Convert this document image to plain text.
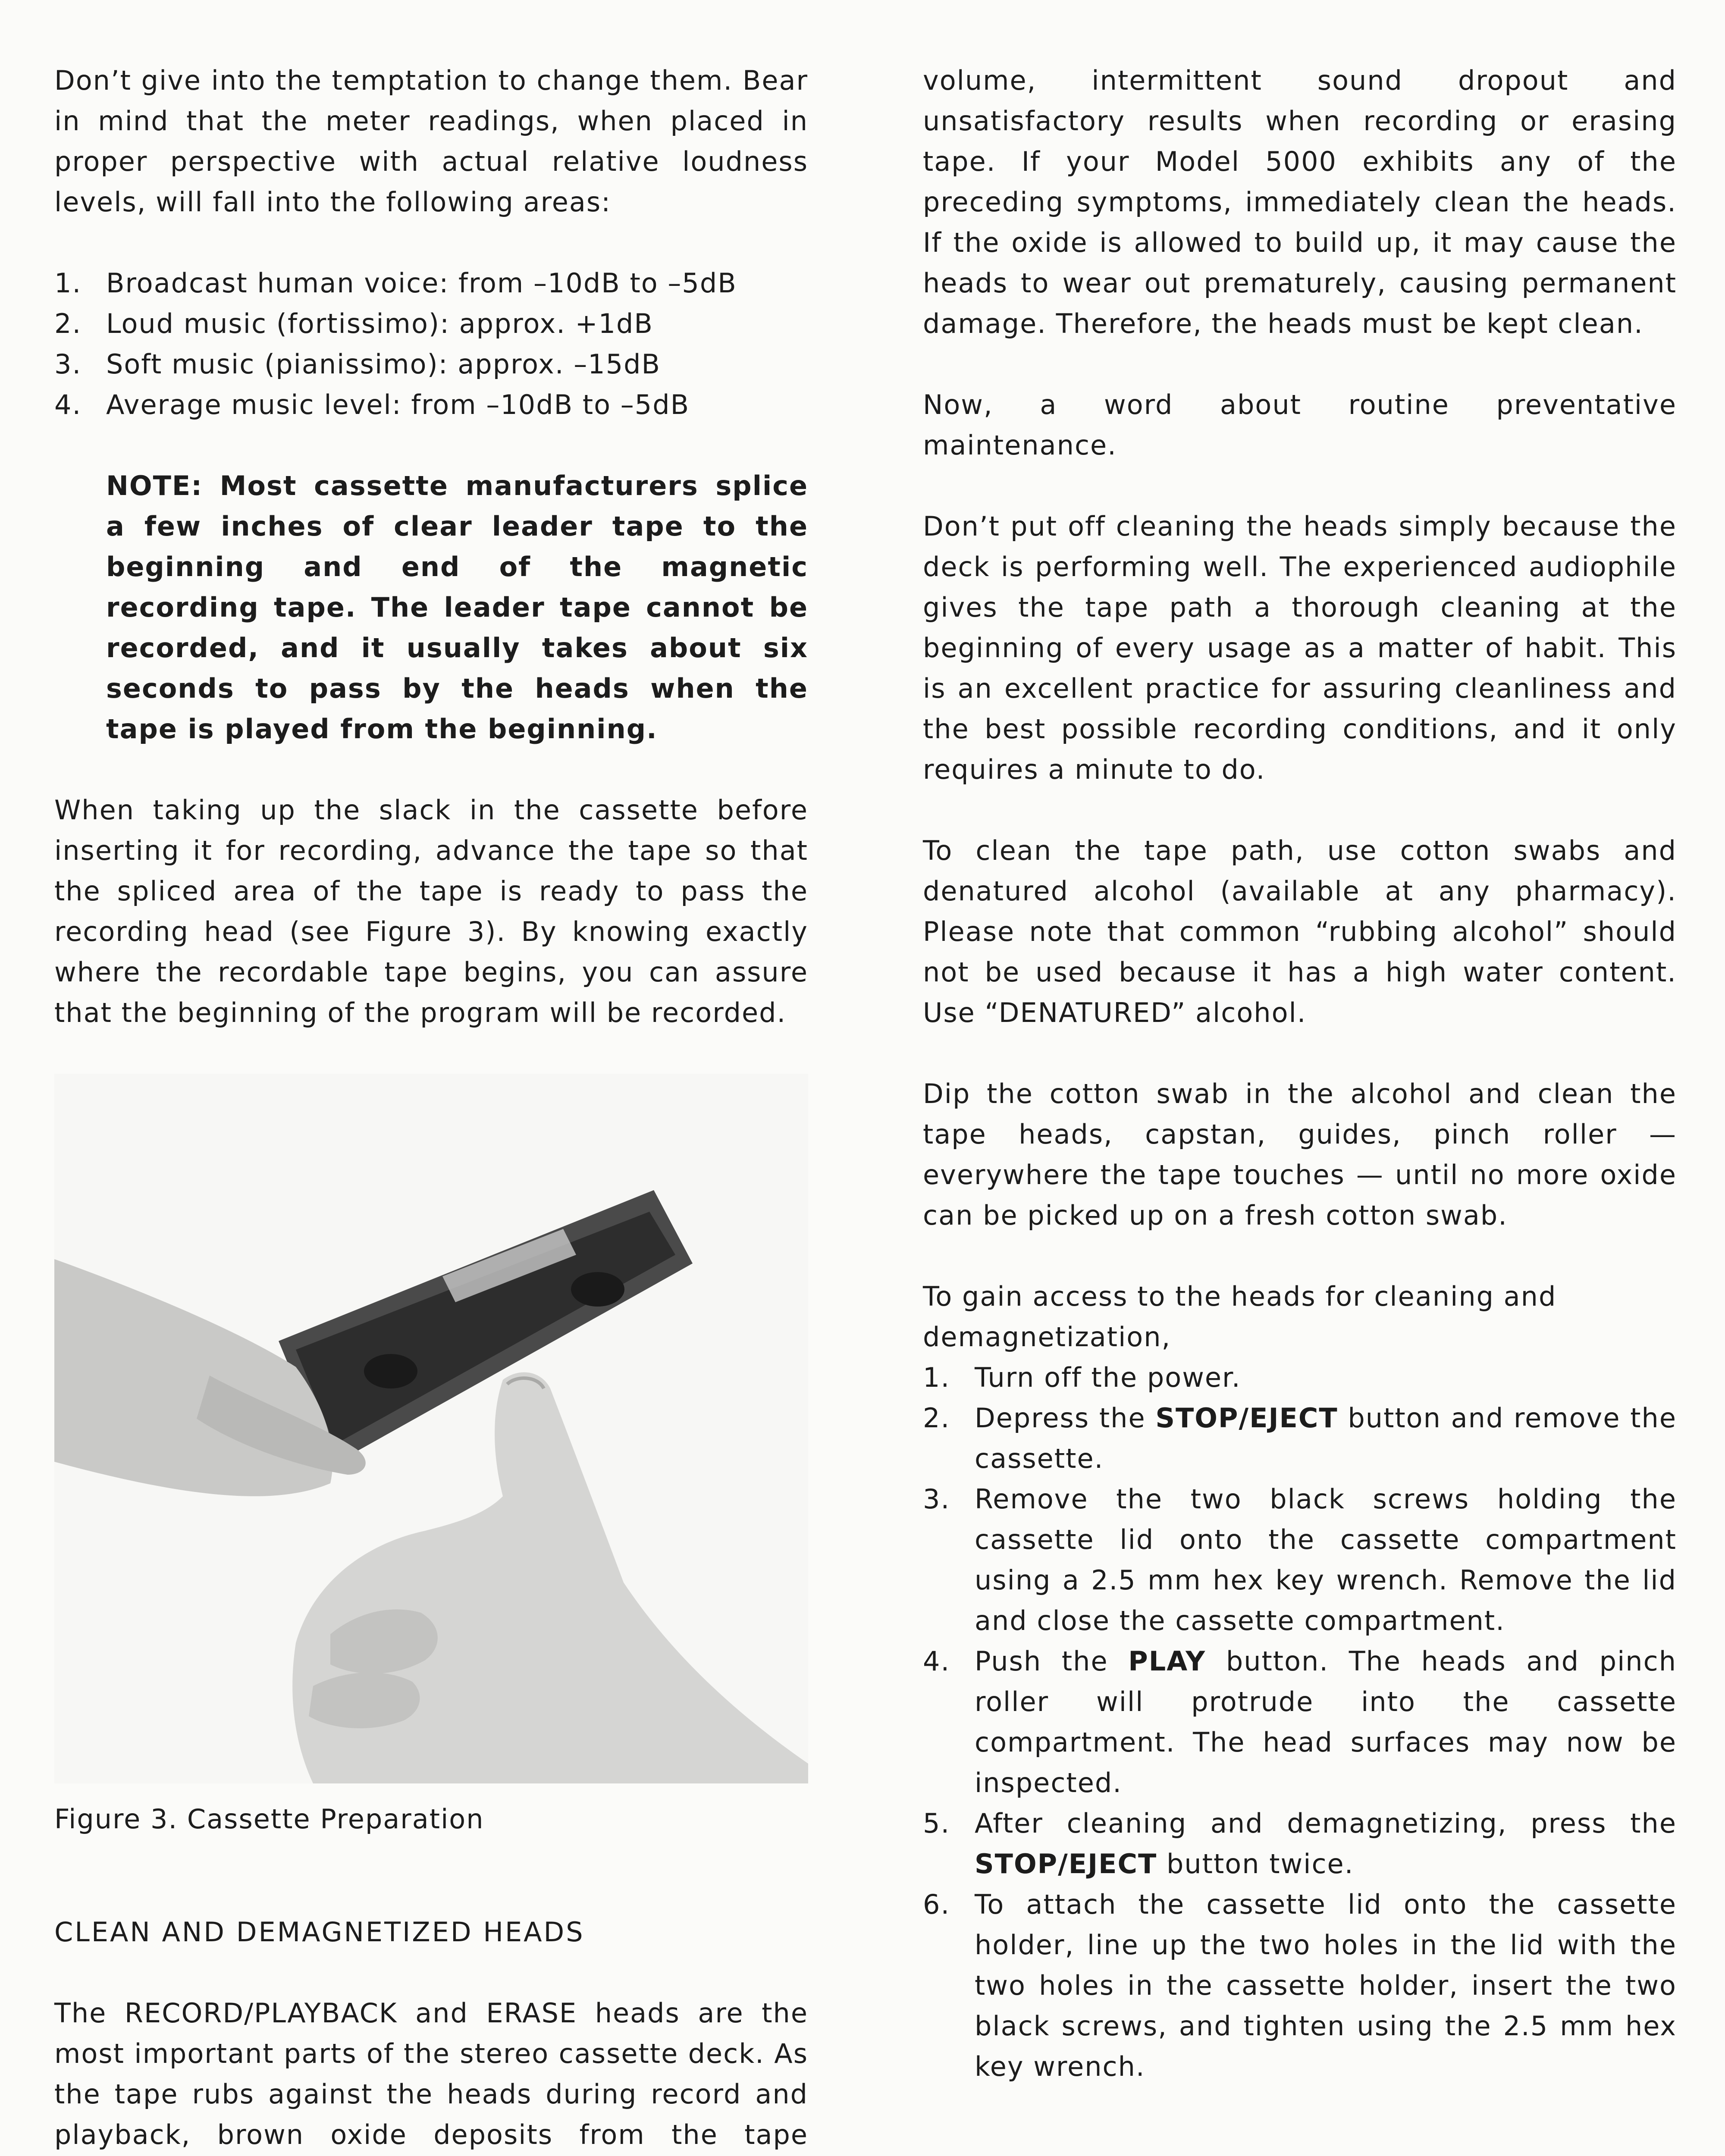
Don’t give into the temptation to change them. Bear in mind that the meter readings, when placed in proper perspective with actual relative loudness levels, will fall into the following areas:

1. Broadcast human voice: from –10dB to –5dB
2. Loud music (fortissimo): approx. +1dB
3. Soft music (pianissimo): approx. –15dB
4. Average music level: from –10dB to –5dB
NOTE: Most cassette manufacturers splice a few inches of clear leader tape to the beginning and end of the magnetic recording tape. The leader tape cannot be recorded, and it usually takes about six seconds to pass by the heads when the tape is played from the beginning.

When taking up the slack in the cassette before inserting it for recording, advance the tape so that the spliced area of the tape is ready to pass the recording head (see Figure 3). By knowing exactly where the recordable tape begins, you can assure that the beginning of the program will be recorded.

Figure 3. Cassette Preparation
CLEAN AND DEMAGNETIZED HEADS

The RECORD/PLAYBACK and ERASE heads are the most important parts of the stereo cassette deck. As the tape rubs against the heads during record and playback, brown oxide deposits from the tape

volume, intermittent sound dropout and unsatisfactory results when recording or erasing tape. If your Model 5000 exhibits any of the preceding symptoms, immediately clean the heads. If the oxide is allowed to build up, it may cause the heads to wear out prematurely, causing permanent damage. Therefore, the heads must be kept clean.

Now, a word about routine preventative maintenance.

Don’t put off cleaning the heads simply because the deck is performing well. The experienced audiophile gives the tape path a thorough cleaning at the beginning of every usage as a matter of habit. This is an excellent practice for assuring cleanliness and the best possible recording conditions, and it only requires a minute to do.

To clean the tape path, use cotton swabs and denatured alcohol (available at any pharmacy). Please note that common “rubbing alcohol” should not be used because it has a high water content. Use “DENATURED” alcohol.

Dip the cotton swab in the alcohol and clean the tape heads, capstan, guides, pinch roller — everywhere the tape touches — until no more oxide can be picked up on a fresh cotton swab.

To gain access to the heads for cleaning and demagnetization,

1. Turn off the power.
2. Depress the STOP/EJECT button and remove the cassette.
3. Remove the two black screws holding the cassette lid onto the cassette compartment using a 2.5 mm hex key wrench. Remove the lid and close the cassette compartment.
4. Push the PLAY button. The heads and pinch roller will protrude into the cassette compartment. The head surfaces may now be inspected.
5. After cleaning and demagnetizing, press the STOP/EJECT button twice.
6. To attach the cassette lid onto the cassette holder, line up the two holes in the lid with the two holes in the cassette holder, insert the two black screws, and tighten using the 2.5 mm hex key wrench.
